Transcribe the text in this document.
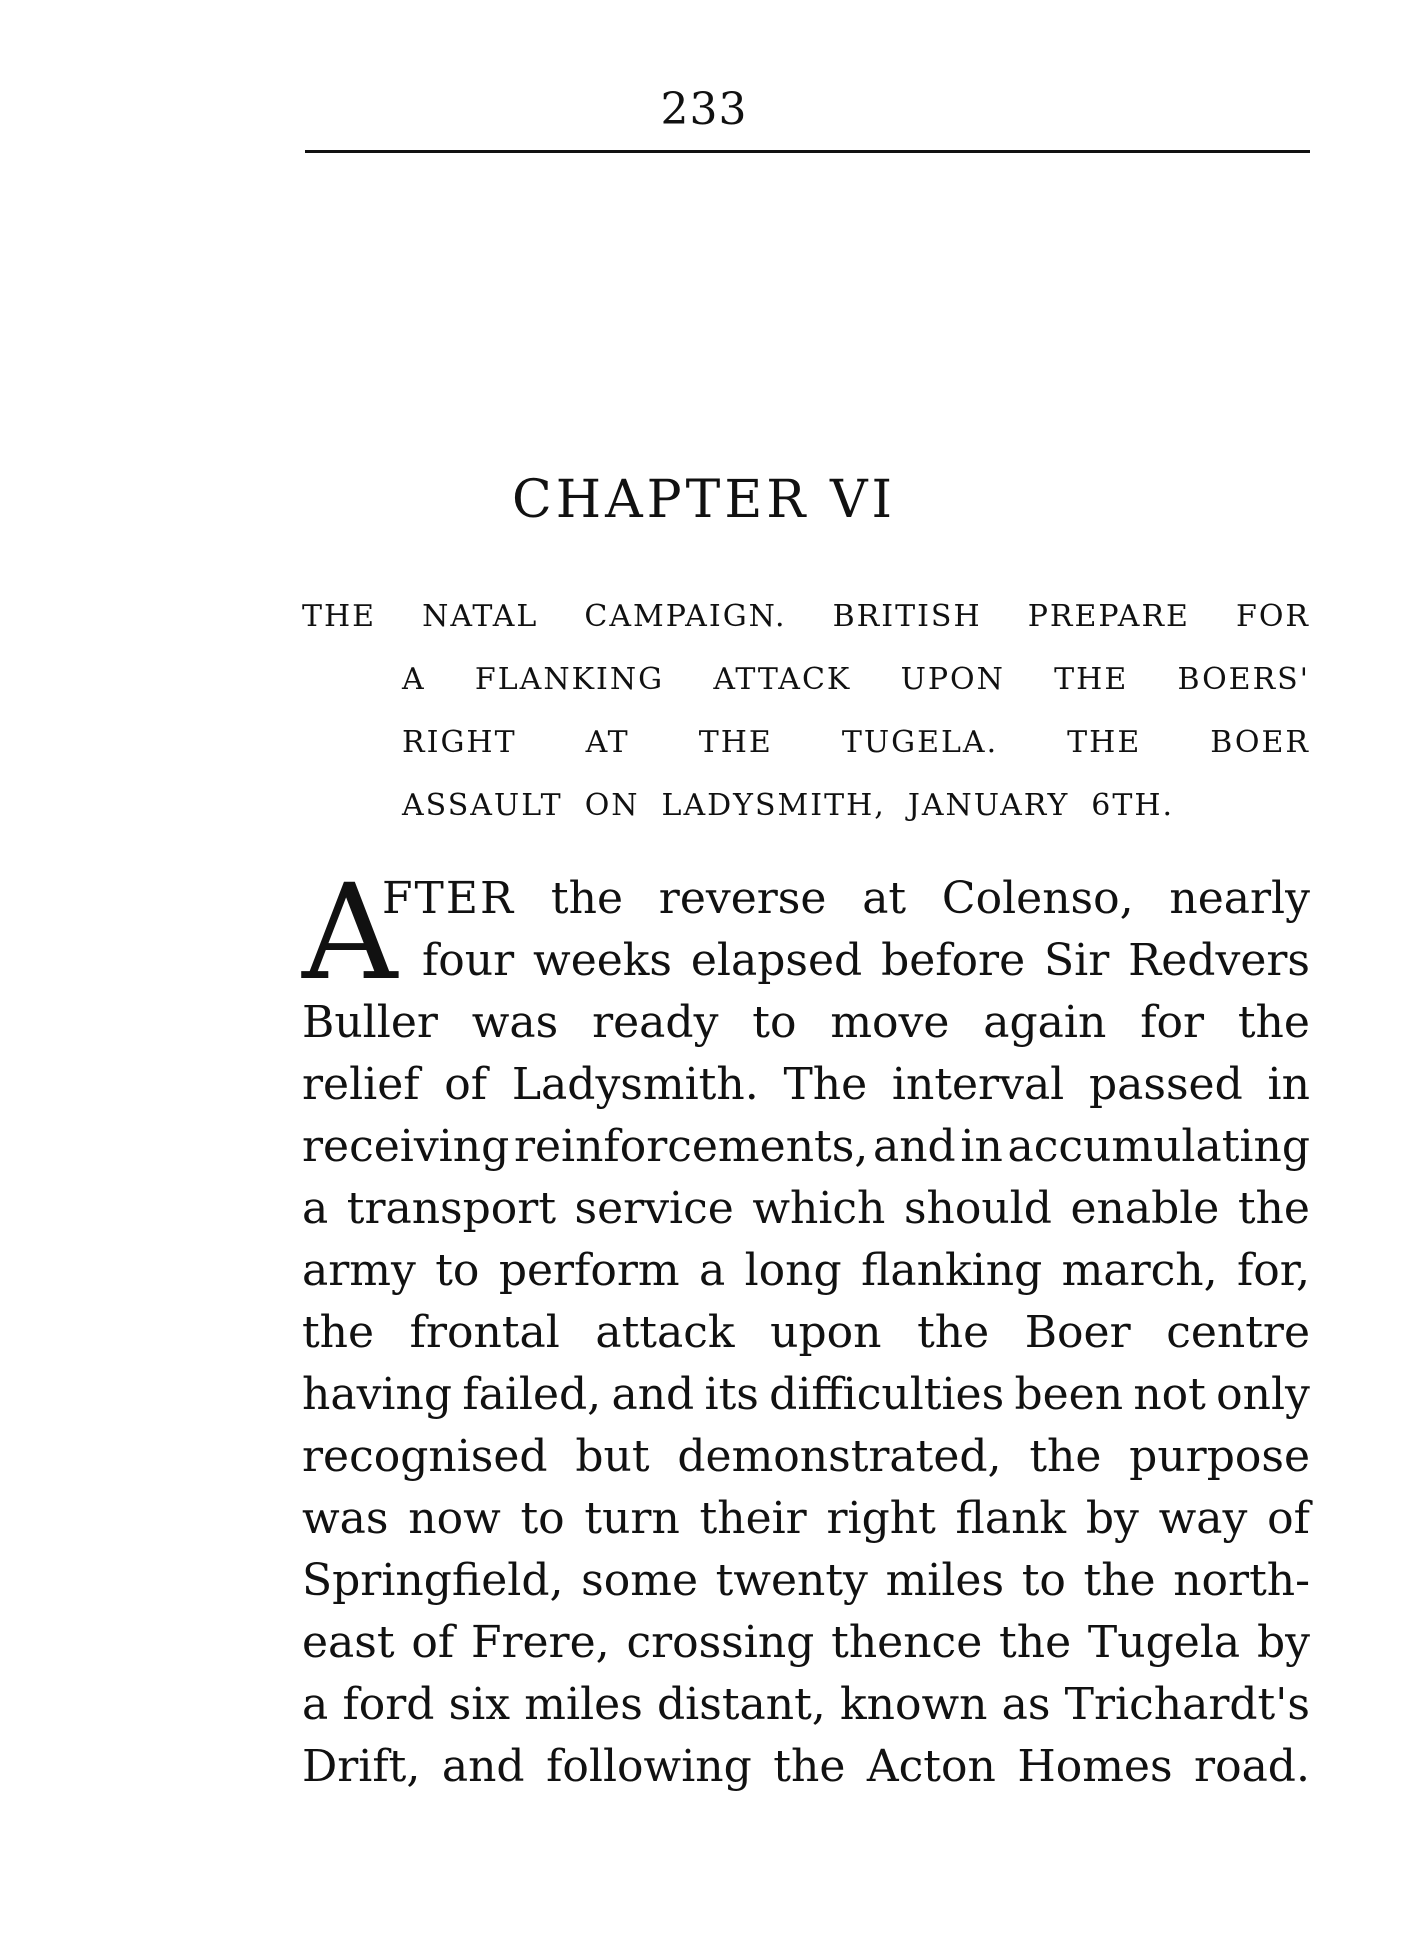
233
CHAPTER VI
THE NATAL CAMPAIGN. BRITISH PREPARE FOR
A FLANKING ATTACK UPON THE BOERS'
RIGHT AT THE TUGELA. THE BOER
ASSAULT ON LADYSMITH, JANUARY 6TH.
A
FTER the reverse at Colenso, nearly
four weeks elapsed before Sir Redvers
Buller was ready to move again for the
relief of Ladysmith. The interval passed in
receiving reinforcements, and in accumulating
a transport service which should enable the
army to perform a long flanking march, for,
the frontal attack upon the Boer centre
having failed, and its difficulties been not only
recognised but demonstrated, the purpose
was now to turn their right flank by way of
Springfield, some twenty miles to the north-
east of Frere, crossing thence the Tugela by
a ford six miles distant, known as Trichardt's
Drift, and following the Acton Homes road.
